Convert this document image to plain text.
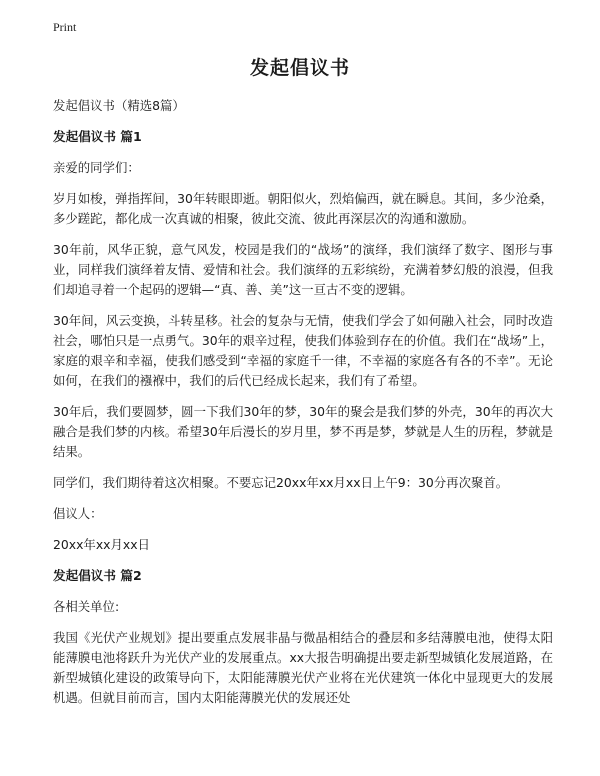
Print
发起倡议书

发起倡议书（精选8篇）

发起倡议书 篇1

亲爱的同学们：

岁月如梭，弹指挥间，30年转眼即逝。朝阳似火，烈焰偏西，就在瞬息。其间，多少沧桑，多少蹉跎，都化成一次真诚的相聚，彼此交流、彼此再深层次的沟通和激励。

30年前，风华正貌，意气风发，校园是我们的“战场”的演绎，我们演绎了数字、图形与事业，同样我们演绎着友情、爱情和社会。我们演绎的五彩缤纷，充满着梦幻般的浪漫，但我们却追寻着一个起码的逻辑—“真、善、美”这一亘古不变的逻辑。

30年间，风云变换，斗转星移。社会的复杂与无情，使我们学会了如何融入社会，同时改造社会，哪怕只是一点勇气。30年的艰辛过程，使我们体验到存在的价值。我们在“战场”上，家庭的艰辛和幸福，使我们感受到“幸福的家庭千一律，不幸福的家庭各有各的不幸”。无论如何，在我们的襁褓中，我们的后代已经成长起来，我们有了希望。

30年后，我们要圆梦，圆一下我们30年的梦，30年的聚会是我们梦的外壳，30年的再次大融合是我们梦的内核。希望30年后漫长的岁月里，梦不再是梦，梦就是人生的历程，梦就是结果。

同学们，我们期待着这次相聚。不要忘记20xx年xx月xx日上午9：30分再次聚首。

倡议人：

20xx年xx月xx日

发起倡议书 篇2

各相关单位:

我国《光伏产业规划》提出要重点发展非晶与微晶相结合的叠层和多结薄膜电池，使得太阳能薄膜电池将跃升为光伏产业的发展重点。xx大报告明确提出要走新型城镇化发展道路，在新型城镇化建设的政策导向下，太阳能薄膜光伏产业将在光伏建筑一体化中显现更大的发展机遇。但就目前而言，国内太阳能薄膜光伏的发展还处
